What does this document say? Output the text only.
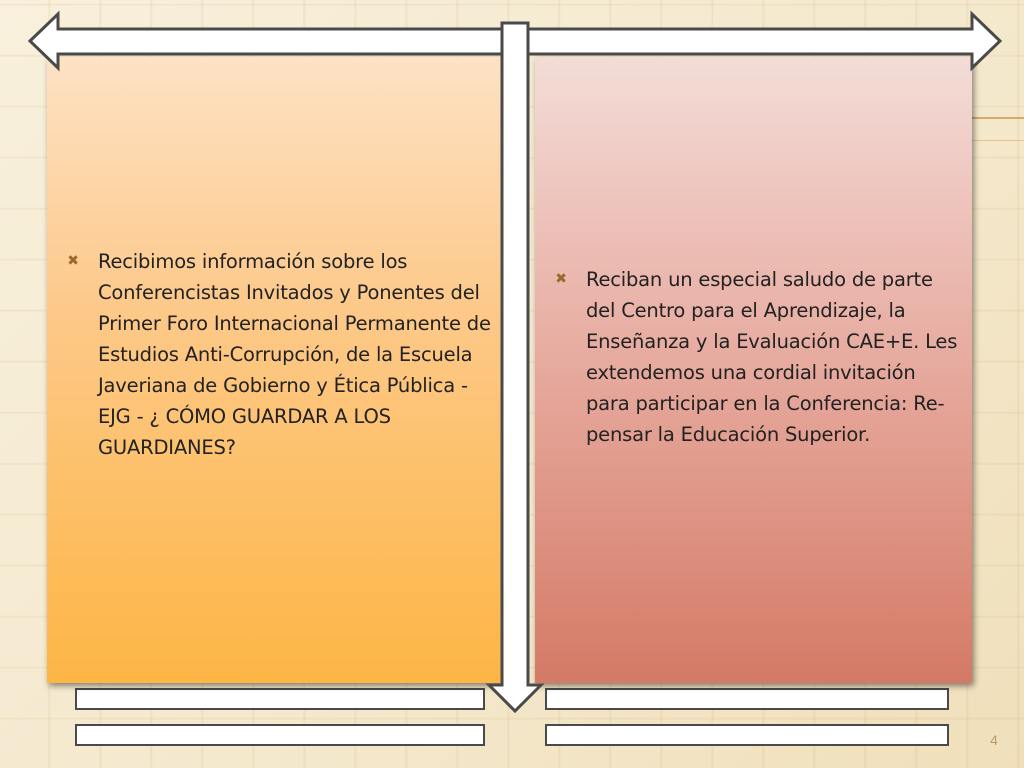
✖ Recibimos información sobre los Conferencistas Invitados y Ponentes del Primer Foro Internacional Permanente de Estudios Anti-Corrupción, de la Escuela Javeriana de Gobierno y Ética Pública - EJG - ¿ CÓMO GUARDAR A LOS GUARDIANES?
✖ Reciban un especial saludo de parte del Centro para el Aprendizaje, la Enseñanza y la Evaluación CAE+E. Les extendemos una cordial invitación para participar en la Conferencia: Re-pensar la Educación Superior.
4
